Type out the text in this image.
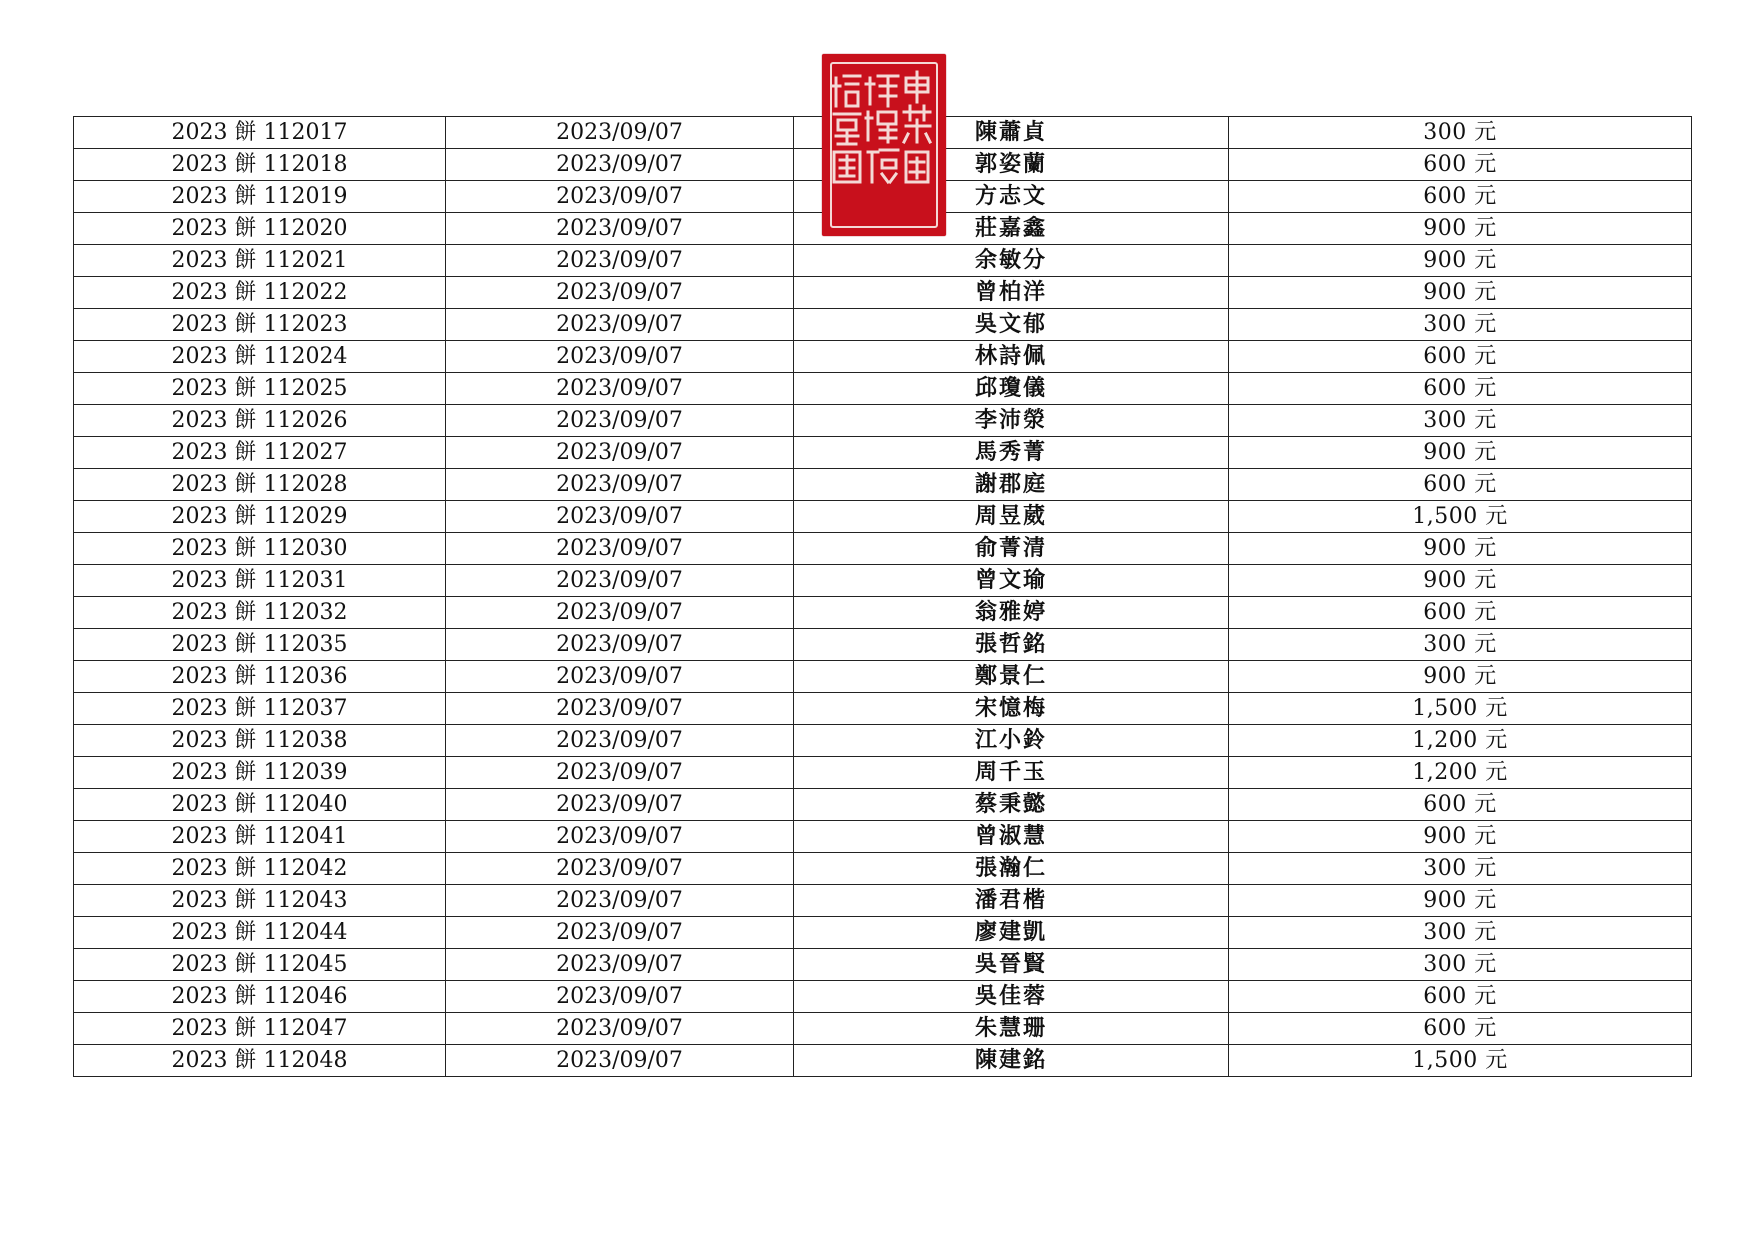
2023 餅 112017	2023/09/07	陳蕭貞	300 元
2023 餅 112018	2023/09/07	郭姿蘭	600 元
2023 餅 112019	2023/09/07	方志文	600 元
2023 餅 112020	2023/09/07	莊嘉鑫	900 元
2023 餅 112021	2023/09/07	余敏分	900 元
2023 餅 112022	2023/09/07	曾柏洋	900 元
2023 餅 112023	2023/09/07	吳文郁	300 元
2023 餅 112024	2023/09/07	林詩佩	600 元
2023 餅 112025	2023/09/07	邱瓊儀	600 元
2023 餅 112026	2023/09/07	李沛滎	300 元
2023 餅 112027	2023/09/07	馬秀菁	900 元
2023 餅 112028	2023/09/07	謝郡庭	600 元
2023 餅 112029	2023/09/07	周昱葳	1,500 元
2023 餅 112030	2023/09/07	俞菁清	900 元
2023 餅 112031	2023/09/07	曾文瑜	900 元
2023 餅 112032	2023/09/07	翁雅婷	600 元
2023 餅 112035	2023/09/07	張哲銘	300 元
2023 餅 112036	2023/09/07	鄭景仁	900 元
2023 餅 112037	2023/09/07	宋憶梅	1,500 元
2023 餅 112038	2023/09/07	江小鈴	1,200 元
2023 餅 112039	2023/09/07	周千玉	1,200 元
2023 餅 112040	2023/09/07	蔡秉懿	600 元
2023 餅 112041	2023/09/07	曾淑慧	900 元
2023 餅 112042	2023/09/07	張瀚仁	300 元
2023 餅 112043	2023/09/07	潘君楷	900 元
2023 餅 112044	2023/09/07	廖建凱	300 元
2023 餅 112045	2023/09/07	吳晉賢	300 元
2023 餅 112046	2023/09/07	吳佳蓉	600 元
2023 餅 112047	2023/09/07	朱慧珊	600 元
2023 餅 112048	2023/09/07	陳建銘	1,500 元
